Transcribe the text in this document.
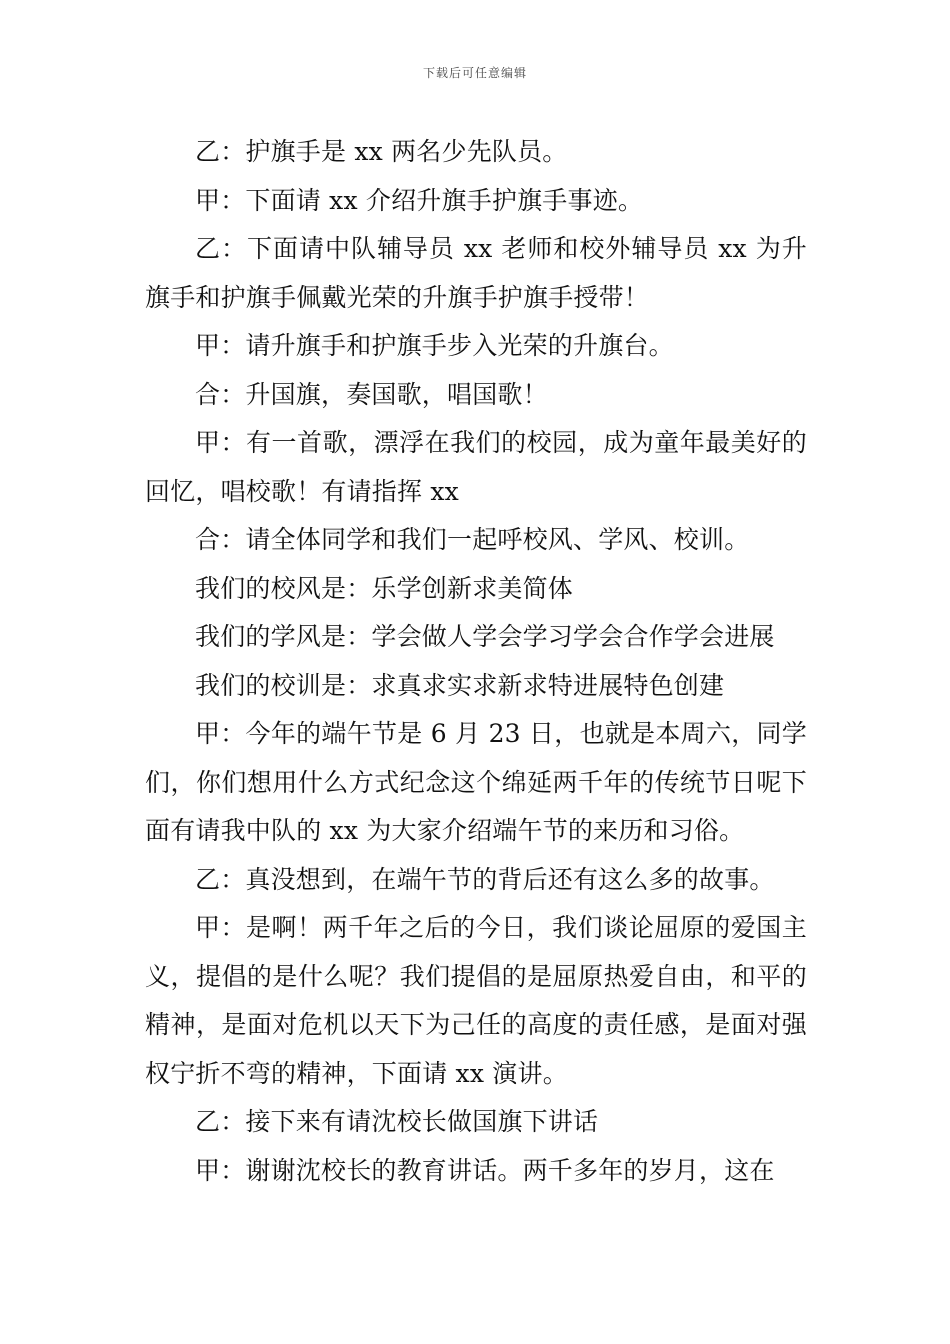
下载后可任意编辑

乙：护旗手是 xx 两名少先队员。

甲：下面请 xx 介绍升旗手护旗手事迹。

乙：下面请中队辅导员 xx 老师和校外辅导员 xx 为升旗手和护旗手佩戴光荣的升旗手护旗手授带！

甲：请升旗手和护旗手步入光荣的升旗台。

合：升国旗，奏国歌，唱国歌！

甲：有一首歌，漂浮在我们的校园，成为童年最美好的回忆，唱校歌！有请指挥 xx

合：请全体同学和我们一起呼校风、学风、校训。

我们的校风是：乐学创新求美简体

我们的学风是：学会做人学会学习学会合作学会进展

我们的校训是：求真求实求新求特进展特色创建

甲：今年的端午节是 6 月 23 日，也就是本周六，同学们，你们想用什么方式纪念这个绵延两千年的传统节日呢下面有请我中队的 xx 为大家介绍端午节的来历和习俗。

乙：真没想到，在端午节的背后还有这么多的故事。

甲：是啊！两千年之后的今日，我们谈论屈原的爱国主义，提倡的是什么呢？我们提倡的是屈原热爱自由，和平的精神，是面对危机以天下为己任的高度的责任感，是面对强权宁折不弯的精神，下面请 xx 演讲。

乙：接下来有请沈校长做国旗下讲话

甲：谢谢沈校长的教育讲话。两千多年的岁月，这在
